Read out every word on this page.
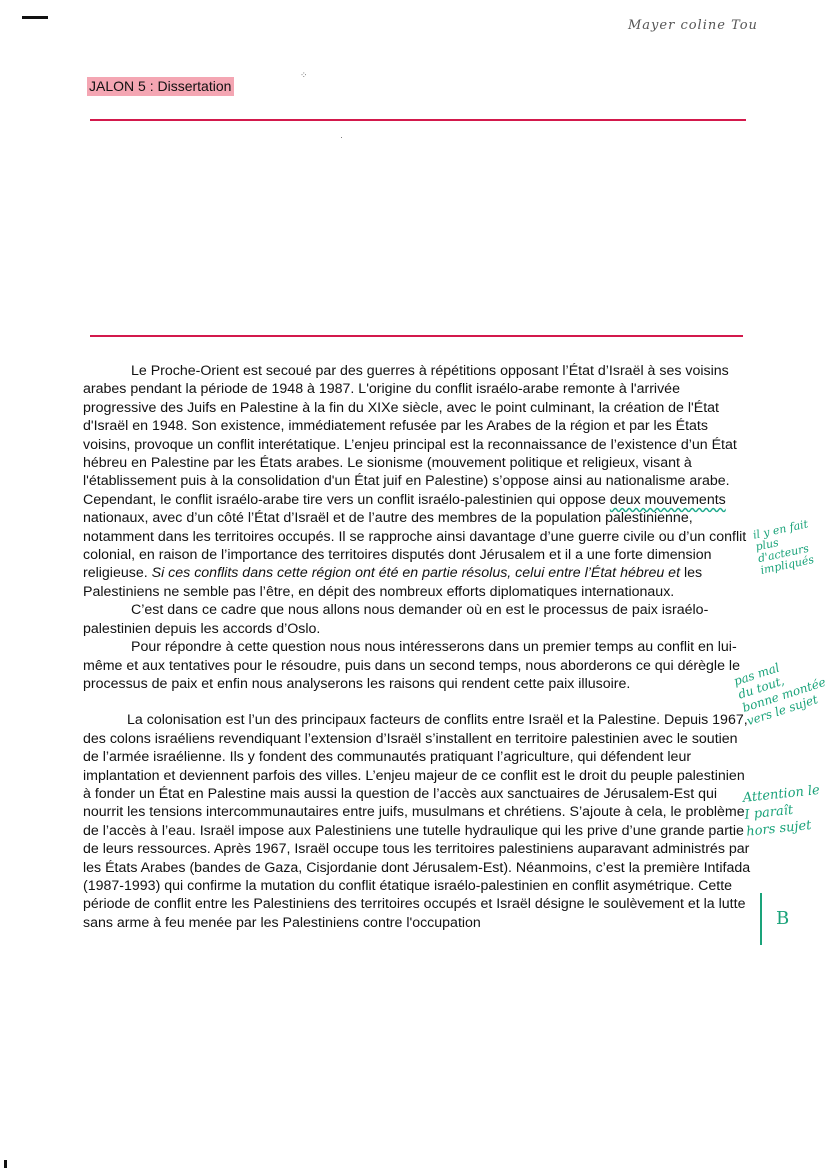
Mayer coline Tou
JALON 5 : Dissertation
⁘
·

Le Proche-Orient est secoué par des guerres à répétitions opposant l’État d’Israël à ses voisins arabes pendant la période de 1948 à 1987. L'origine du conflit israélo-arabe remonte à l'arrivée progressive des Juifs en Palestine à la fin du XIXe siècle, avec le point culminant, la création de l'État d'Israël en 1948. Son existence, immédiatement refusée par les Arabes de la région et par les États voisins, provoque un conflit interétatique. L’enjeu principal est la reconnaissance de l’existence d’un État hébreu en Palestine par les États arabes. Le sionisme (mouvement politique et religieux, visant à l'établissement puis à la consolidation d'un État juif en Palestine) s’oppose ainsi au nationalisme arabe. Cependant, le conflit israélo-arabe tire vers un conflit israélo-palestinien qui oppose deux mouvements nationaux, avec d’un côté l’État d’Israël et de l’autre des membres de la population palestinienne, notamment dans les territoires occupés. Il se rapproche ainsi davantage d’une guerre civile ou d’un conflit colonial, en raison de l’importance des territoires disputés dont Jérusalem et il a une forte dimension religieuse. Si ces conflits dans cette région ont été en partie résolus, celui entre l’État hébreu et les Palestiniens ne semble pas l’être, en dépit des nombreux efforts diplomatiques internationaux.

C’est dans ce cadre que nous allons nous demander où en est le processus de paix israélo-palestinien depuis les accords d’Oslo.

Pour répondre à cette question nous nous intéresserons dans un premier temps au conflit en lui-même et aux tentatives pour le résoudre, puis dans un second temps, nous aborderons ce qui dérègle le processus de paix et enfin nous analyserons les raisons qui rendent cette paix illusoire.

La colonisation est l’un des principaux facteurs de conflits entre Israël et la Palestine. Depuis 1967, des colons israéliens revendiquant l’extension d’Israël s’installent en territoire palestinien avec le soutien de l’armée israélienne. Ils y fondent des communautés pratiquant l’agriculture, qui défendent leur implantation et deviennent parfois des villes. L’enjeu majeur de ce conflit est le droit du peuple palestinien à fonder un État en Palestine mais aussi la question de l’accès aux sanctuaires de Jérusalem-Est qui nourrit les tensions intercommunautaires entre juifs, musulmans et chrétiens. S’ajoute à cela, le problème de l’accès à l’eau. Israël impose aux Palestiniens une tutelle hydraulique qui les prive d’une grande partie de leurs ressources. Après 1967, Israël occupe tous les territoires palestiniens auparavant administrés par les États Arabes (bandes de Gaza, Cisjordanie dont Jérusalem-Est). Néanmoins, c’est la première Intifada (1987-1993) qui confirme la mutation du conflit étatique israélo-palestinien en conflit asymétrique. Cette période de conflit entre les Palestiniens des territoires occupés et Israël désigne le soulèvement et la lutte sans arme à feu menée par les Palestiniens contre l'occupation

il y en fait
plus d'acteurs
impliqués
pas mal
du tout,
bonne montée
vers le sujet
Attention le
I paraît
hors sujet
B
